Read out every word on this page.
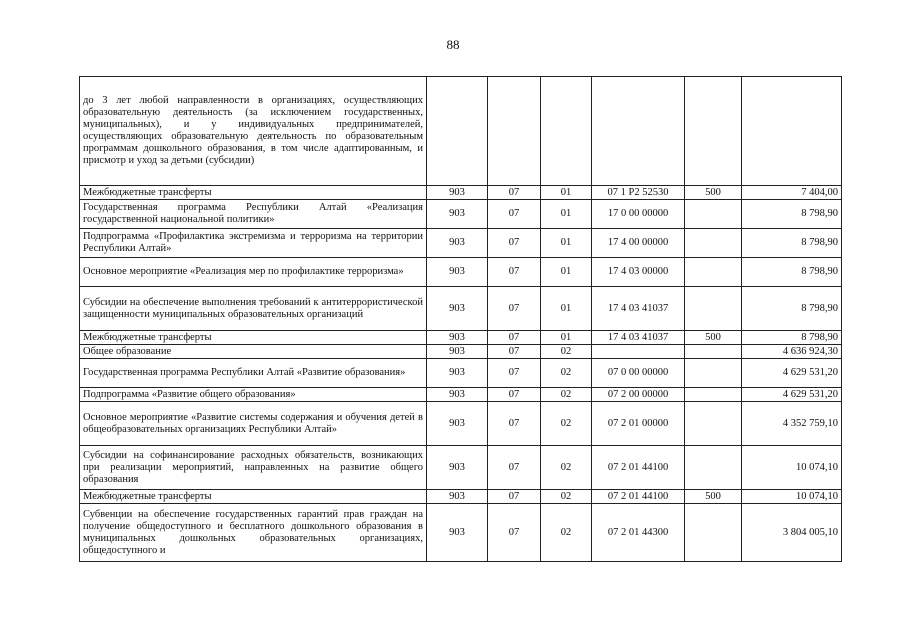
88
до 3 лет любой направленности в организациях, осуществляющих образовательную деятельность (за исключением государственных, муниципальных), и у индивидуальных предпринимателей, осуществляющих образовательную деятельность по образовательным программам дошкольного образования, в том числе адаптированным, и присмотр и уход за детьми (субсидии)						
Межбюджетные трансферты	903	07	01	07 1 P2 52530	500	7 404,00
Государственная программа Республики Алтай «Реализация государственной национальной политики»	903	07	01	17 0 00 00000		8 798,90
Подпрограмма «Профилактика экстремизма и терроризма на территории Республики Алтай»	903	07	01	17 4 00 00000		8 798,90
Основное мероприятие «Реализация мер по профилактике терроризма»	903	07	01	17 4 03 00000		8 798,90
Субсидии на обеспечение выполнения требований к антитеррористической защищенности муниципальных образовательных организаций	903	07	01	17 4 03 41037		8 798,90
Межбюджетные трансферты	903	07	01	17 4 03 41037	500	8 798,90
Общее образование	903	07	02			4 636 924,30
Государственная программа Республики Алтай «Развитие образования»	903	07	02	07 0 00 00000		4 629 531,20
Подпрограмма «Развитие общего образования»	903	07	02	07 2 00 00000		4 629 531,20
Основное мероприятие «Развитие системы содержания и обучения детей в общеобразовательных организациях Республики Алтай»	903	07	02	07 2 01 00000		4 352 759,10
Субсидии на софинансирование расходных обязательств, возникающих при реализации мероприятий, направленных на развитие общего образования	903	07	02	07 2 01 44100		10 074,10
Межбюджетные трансферты	903	07	02	07 2 01 44100	500	10 074,10
Субвенции на обеспечение государственных гарантий прав граждан на получение общедоступного и бесплатного дошкольного образования в муниципальных дошкольных образовательных организациях, общедоступного и	903	07	02	07 2 01 44300		3 804 005,10
